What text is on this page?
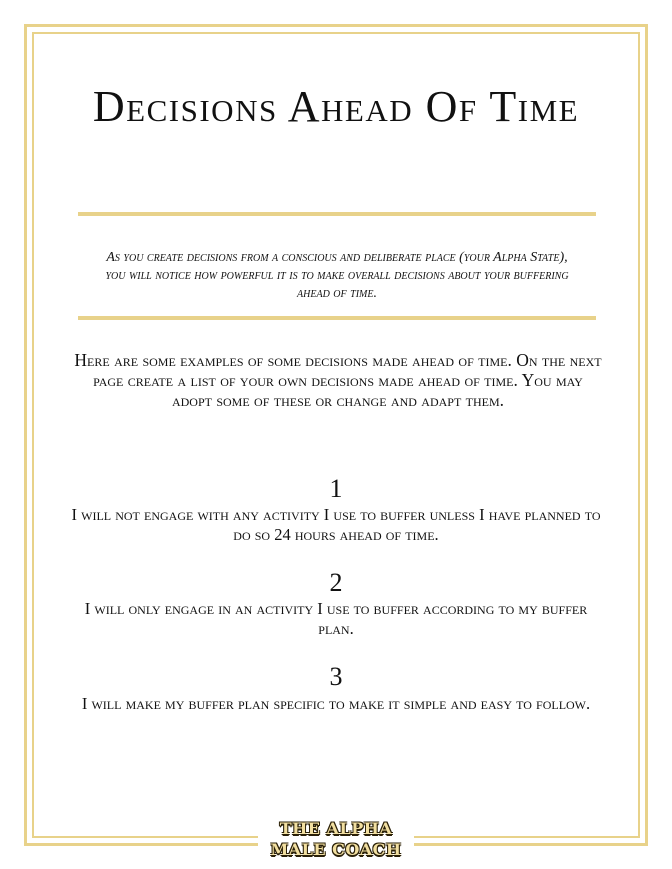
Decisions Ahead Of Time

As you create decisions from a conscious and deliberate place (your Alpha State), you will notice how powerful it is to make overall decisions about your buffering ahead of time.

Here are some examples of some decisions made ahead of time. On the next page create a list of your own decisions made ahead of time. You may adopt some of these or change and adapt them.

1

I will not engage with any activity I use to buffer unless I have planned to do so 24 hours ahead of time.

2

I will only engage in an activity I use to buffer according to my buffer plan.

3

I will make my buffer plan specific to make it simple and easy to follow.

THE ALPHA
MALE COACH
